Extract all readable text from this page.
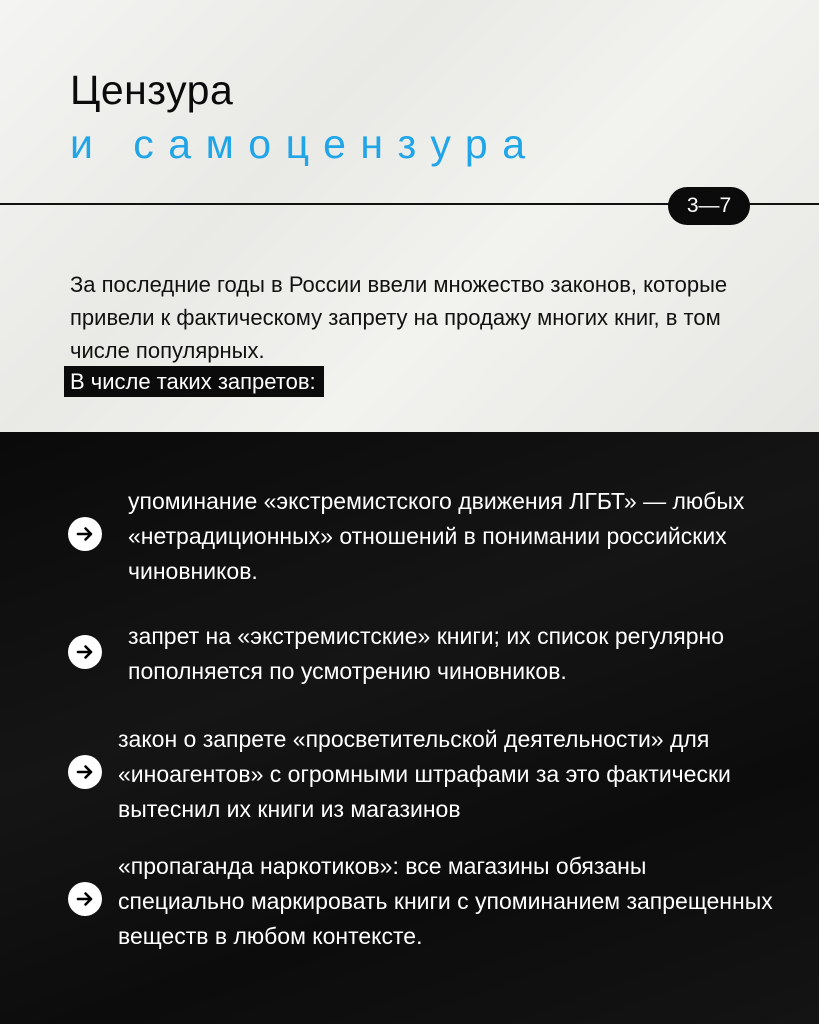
Цензура
и самоцензура
3—7

За последние годы в России ввели множество законов, которые привели к фактическому запрету на продажу многих книг, в том числе популярных.

В числе таких запретов:

упоминание «экстремистского движения ЛГБТ» — любых «нетрадиционных» отношений в понимании российских чиновников.

запрет на «экстремистские» книги; их список регулярно пополняется по усмотрению чиновников.

закон о запрете «просветительской деятельности» для «иноагентов» с огромными штрафами за это фактически вытеснил их книги из магазинов

«пропаганда наркотиков»: все магазины обязаны специально маркировать книги с упоминанием запрещенных веществ в любом контексте.
